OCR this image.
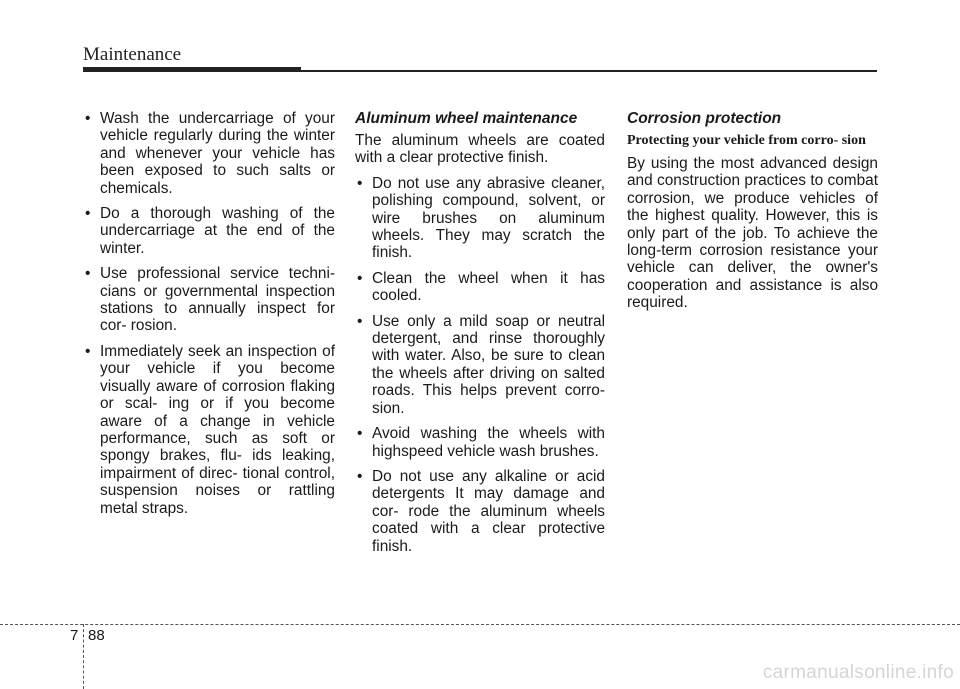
Maintenance
• Wash the undercarriage of your vehicle regularly during the winter and whenever your vehicle has been exposed to such salts or chemicals.
• Do a thorough washing of the undercarriage at the end of the winter.
• Use professional service techni- cians or governmental inspection stations to annually inspect for cor- rosion.
• Immediately seek an inspection of your vehicle if you become visually aware of corrosion flaking or scal- ing or if you become aware of a change in vehicle performance, such as soft or spongy brakes, flu- ids leaking, impairment of direc- tional control, suspension noises or rattling metal straps.
Aluminum wheel maintenance

The aluminum wheels are coated with a clear protective finish.

• Do not use any abrasive cleaner, polishing compound, solvent, or wire brushes on aluminum wheels. They may scratch the finish.
• Clean the wheel when it has cooled.
• Use only a mild soap or neutral detergent, and rinse thoroughly with water. Also, be sure to clean the wheels after driving on salted roads. This helps prevent corro- sion.
• Avoid washing the wheels with highspeed vehicle wash brushes.
• Do not use any alkaline or acid detergents It may damage and cor- rode the aluminum wheels coated with a clear protective finish.
Corrosion protection
Protecting your vehicle from corro- sion

By using the most advanced design and construction practices to combat corrosion, we produce vehicles of the highest quality. However, this is only part of the job. To achieve the long-term corrosion resistance your vehicle can deliver, the owner's cooperation and assistance is also required.

7 88
carmanualsonline.info
